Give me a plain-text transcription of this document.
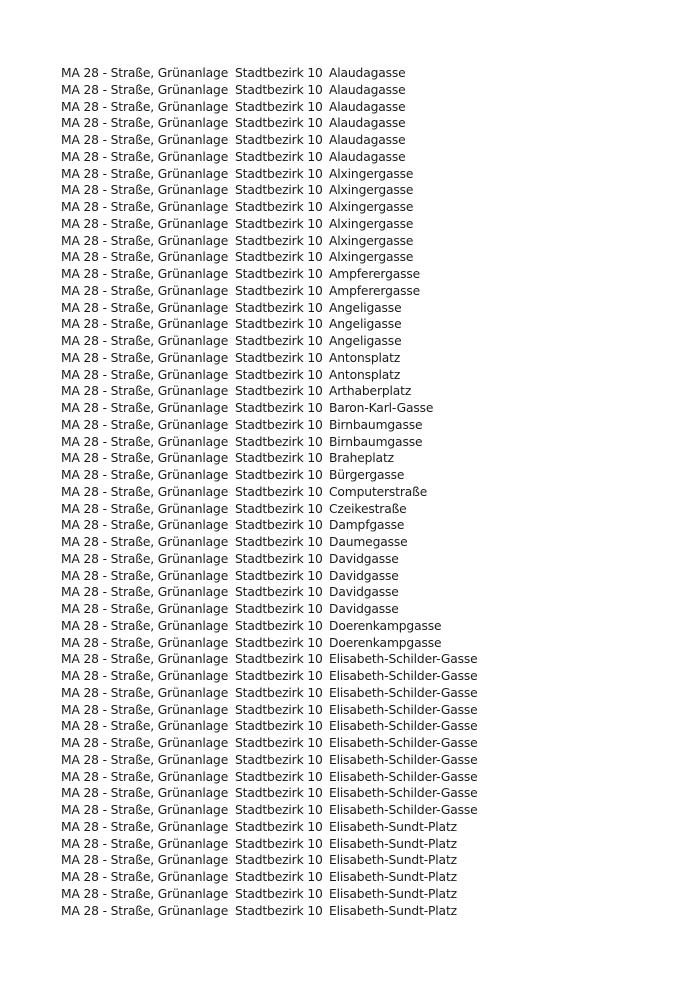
MA 28 - Straße, Grünanlage	Stadtbezirk 10	Alaudagasse
MA 28 - Straße, Grünanlage	Stadtbezirk 10	Alaudagasse
MA 28 - Straße, Grünanlage	Stadtbezirk 10	Alaudagasse
MA 28 - Straße, Grünanlage	Stadtbezirk 10	Alaudagasse
MA 28 - Straße, Grünanlage	Stadtbezirk 10	Alaudagasse
MA 28 - Straße, Grünanlage	Stadtbezirk 10	Alaudagasse
MA 28 - Straße, Grünanlage	Stadtbezirk 10	Alxingergasse
MA 28 - Straße, Grünanlage	Stadtbezirk 10	Alxingergasse
MA 28 - Straße, Grünanlage	Stadtbezirk 10	Alxingergasse
MA 28 - Straße, Grünanlage	Stadtbezirk 10	Alxingergasse
MA 28 - Straße, Grünanlage	Stadtbezirk 10	Alxingergasse
MA 28 - Straße, Grünanlage	Stadtbezirk 10	Alxingergasse
MA 28 - Straße, Grünanlage	Stadtbezirk 10	Ampferergasse
MA 28 - Straße, Grünanlage	Stadtbezirk 10	Ampferergasse
MA 28 - Straße, Grünanlage	Stadtbezirk 10	Angeligasse
MA 28 - Straße, Grünanlage	Stadtbezirk 10	Angeligasse
MA 28 - Straße, Grünanlage	Stadtbezirk 10	Angeligasse
MA 28 - Straße, Grünanlage	Stadtbezirk 10	Antonsplatz
MA 28 - Straße, Grünanlage	Stadtbezirk 10	Antonsplatz
MA 28 - Straße, Grünanlage	Stadtbezirk 10	Arthaberplatz
MA 28 - Straße, Grünanlage	Stadtbezirk 10	Baron-Karl-Gasse
MA 28 - Straße, Grünanlage	Stadtbezirk 10	Birnbaumgasse
MA 28 - Straße, Grünanlage	Stadtbezirk 10	Birnbaumgasse
MA 28 - Straße, Grünanlage	Stadtbezirk 10	Braheplatz
MA 28 - Straße, Grünanlage	Stadtbezirk 10	Bürgergasse
MA 28 - Straße, Grünanlage	Stadtbezirk 10	Computerstraße
MA 28 - Straße, Grünanlage	Stadtbezirk 10	Czeikestraße
MA 28 - Straße, Grünanlage	Stadtbezirk 10	Dampfgasse
MA 28 - Straße, Grünanlage	Stadtbezirk 10	Daumegasse
MA 28 - Straße, Grünanlage	Stadtbezirk 10	Davidgasse
MA 28 - Straße, Grünanlage	Stadtbezirk 10	Davidgasse
MA 28 - Straße, Grünanlage	Stadtbezirk 10	Davidgasse
MA 28 - Straße, Grünanlage	Stadtbezirk 10	Davidgasse
MA 28 - Straße, Grünanlage	Stadtbezirk 10	Doerenkampgasse
MA 28 - Straße, Grünanlage	Stadtbezirk 10	Doerenkampgasse
MA 28 - Straße, Grünanlage	Stadtbezirk 10	Elisabeth-Schilder-Gasse
MA 28 - Straße, Grünanlage	Stadtbezirk 10	Elisabeth-Schilder-Gasse
MA 28 - Straße, Grünanlage	Stadtbezirk 10	Elisabeth-Schilder-Gasse
MA 28 - Straße, Grünanlage	Stadtbezirk 10	Elisabeth-Schilder-Gasse
MA 28 - Straße, Grünanlage	Stadtbezirk 10	Elisabeth-Schilder-Gasse
MA 28 - Straße, Grünanlage	Stadtbezirk 10	Elisabeth-Schilder-Gasse
MA 28 - Straße, Grünanlage	Stadtbezirk 10	Elisabeth-Schilder-Gasse
MA 28 - Straße, Grünanlage	Stadtbezirk 10	Elisabeth-Schilder-Gasse
MA 28 - Straße, Grünanlage	Stadtbezirk 10	Elisabeth-Schilder-Gasse
MA 28 - Straße, Grünanlage	Stadtbezirk 10	Elisabeth-Schilder-Gasse
MA 28 - Straße, Grünanlage	Stadtbezirk 10	Elisabeth-Sundt-Platz
MA 28 - Straße, Grünanlage	Stadtbezirk 10	Elisabeth-Sundt-Platz
MA 28 - Straße, Grünanlage	Stadtbezirk 10	Elisabeth-Sundt-Platz
MA 28 - Straße, Grünanlage	Stadtbezirk 10	Elisabeth-Sundt-Platz
MA 28 - Straße, Grünanlage	Stadtbezirk 10	Elisabeth-Sundt-Platz
MA 28 - Straße, Grünanlage	Stadtbezirk 10	Elisabeth-Sundt-Platz
